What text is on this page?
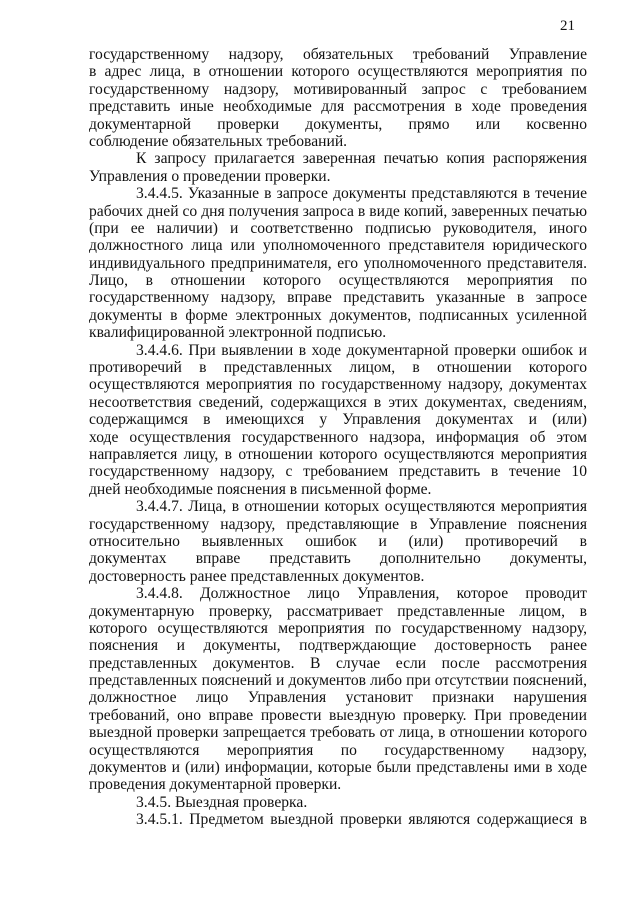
21
государственному надзору, обязательных требований Управление
в адрес лица, в отношении которого осуществляются мероприятия по
государственному надзору, мотивированный запрос с требованием
представить иные необходимые для рассмотрения в ходе проведения
документарной проверки документы, прямо или косвенно
соблюдение обязательных требований.
К запросу прилагается заверенная печатью копия распоряжения
Управления о проведении проверки.
3.4.4.5. Указанные в запросе документы представляются в течение
рабочих дней со дня получения запроса в виде копий, заверенных печатью
(при ее наличии) и соответственно подписью руководителя, иного
должностного лица или уполномоченного представителя юридического
индивидуального предпринимателя, его уполномоченного представителя.
Лицо, в отношении которого осуществляются мероприятия по
государственному надзору, вправе представить указанные в запросе
документы в форме электронных документов, подписанных усиленной
квалифицированной электронной подписью.
3.4.4.6. При выявлении в ходе документарной проверки ошибок и
противоречий в представленных лицом, в отношении которого
осуществляются мероприятия по государственному надзору, документах
несоответствия сведений, содержащихся в этих документах, сведениям,
содержащимся в имеющихся у Управления документах и (или)
ходе осуществления государственного надзора, информация об этом
направляется лицу, в отношении которого осуществляются мероприятия
государственному надзору, с требованием представить в течение 10
дней необходимые пояснения в письменной форме.
3.4.4.7. Лица, в отношении которых осуществляются мероприятия
государственному надзору, представляющие в Управление пояснения
относительно выявленных ошибок и (или) противоречий в
документах вправе представить дополнительно документы,
достоверность ранее представленных документов.
3.4.4.8. Должностное лицо Управления, которое проводит
документарную проверку, рассматривает представленные лицом, в
которого осуществляются мероприятия по государственному надзору,
пояснения и документы, подтверждающие достоверность ранее
представленных документов. В случае если после рассмотрения
представленных пояснений и документов либо при отсутствии пояснений,
должностное лицо Управления установит признаки нарушения
требований, оно вправе провести выездную проверку. При проведении
выездной проверки запрещается требовать от лица, в отношении которого
осуществляются мероприятия по государственному надзору,
документов и (или) информации, которые были представлены ими в ходе
проведения документарной проверки.
3.4.5. Выездная проверка.
3.4.5.1. Предметом выездной проверки являются содержащиеся в
